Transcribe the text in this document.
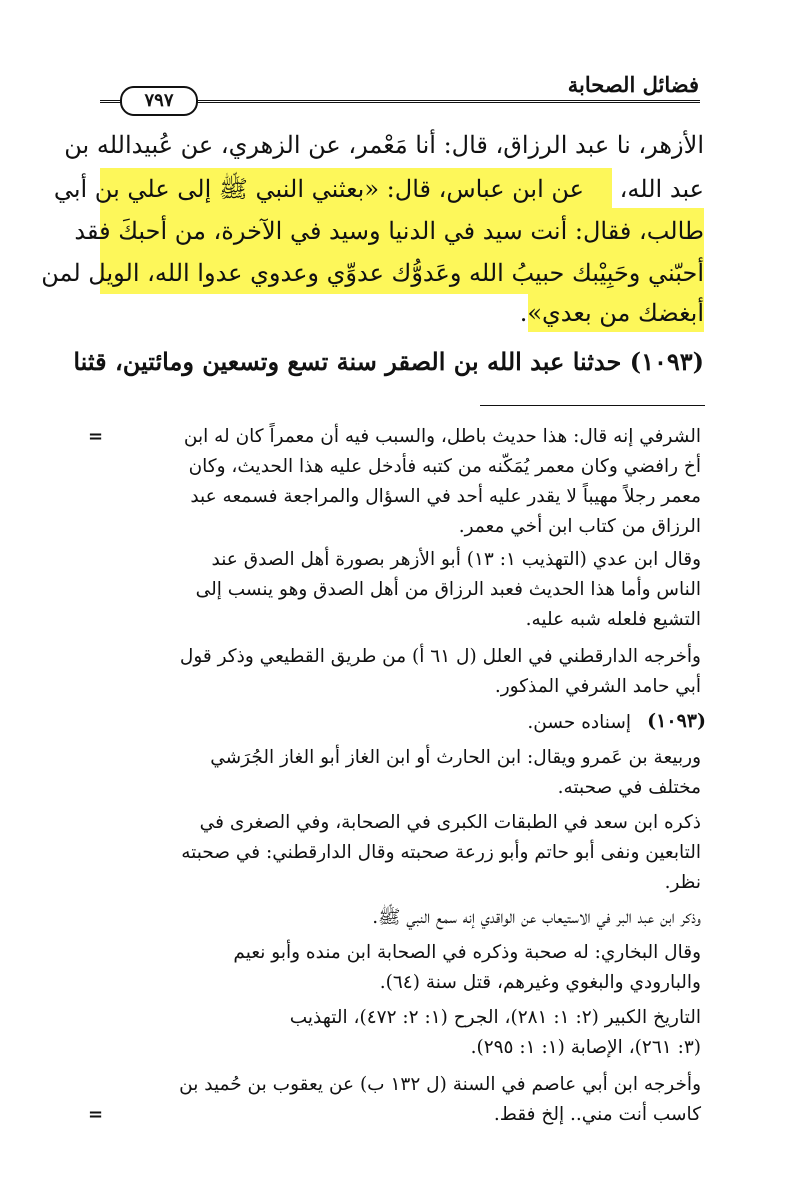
فضائل الصحابة
٧٩٧
الأزهر، نا عبد الرزاق، قال: أنا مَعْمر، عن الزهري، عن عُبيدالله بن
عبد الله،
عن ابن عباس، قال: «بعثني النبي ﷺ إلى علي بن أبي
طالب، فقال: أنت سيد في الدنيا وسيد في الآخرة، من أحبكَ فقد
أحبّني وحَبِيْبك حبيبُ الله وعَدوُّك عدوِّي وعدوي عدوا الله، الويل لمن
أبغضك من بعدي».
(١٠٩٣) حدثنا عبد الله بن الصقر سنة تسع وتسعين ومائتين، قثنا
=	الشرفي إنه قال: هذا حديث باطل، والسبب فيه أن معمراً كان له ابن
أخ رافضي وكان معمر يُمَكّنه من كتبه فأدخل عليه هذا الحديث، وكان
معمر رجلاً مهيباً لا يقدر عليه أحد في السؤال والمراجعة فسمعه عبد
الرزاق من كتاب ابن أخي معمر.
وقال ابن عدي (التهذيب ١: ١٣) أبو الأزهر بصورة أهل الصدق عند
الناس وأما هذا الحديث فعبد الرزاق من أهل الصدق وهو ينسب إلى
التشيع فلعله شبه عليه.
وأخرجه الدارقطني في العلل (ل ٦١ أ) من طريق القطيعي وذكر قول
أبي حامد الشرفي المذكور.
(١٠٩٣)
إسناده حسن.
وربيعة بن عَمرو ويقال: ابن الحارث أو ابن الغاز أبو الغاز الجُرَشي
مختلف في صحبته.
ذكره ابن سعد في الطبقات الكبرى في الصحابة، وفي الصغرى في
التابعين ونفى أبو حاتم وأبو زرعة صحبته وقال الدارقطني: في صحبته
نظر.
وذكر ابن عبد البر في الاستيعاب عن الواقدي إنه سمع النبي ﷺ.
وقال البخاري: له صحبة وذكره في الصحابة ابن منده وأبو نعيم
والبارودي والبغوي وغيرهم، قتل سنة (٦٤).
التاريخ الكبير (٢: ١: ٢٨١)، الجرح (١: ٢: ٤٧٢)، التهذيب
(٣: ٢٦١)، الإصابة (١: ١: ٢٩٥).
وأخرجه ابن أبي عاصم في السنة (ل ١٣٢ ب) عن يعقوب بن حُميد بن
كاسب أنت مني.. إلخ فقط.
=
